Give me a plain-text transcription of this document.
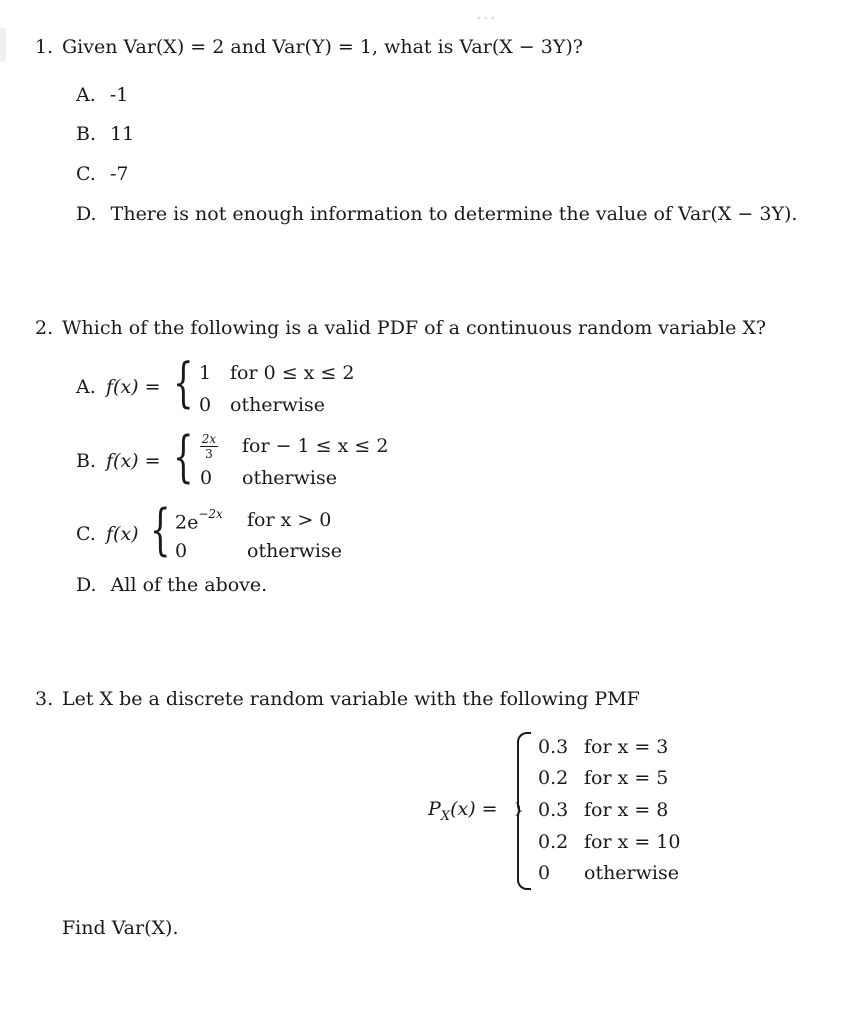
•••
1. Given Var(X) = 2 and Var(Y) = 1, what is Var(X − 3Y)?
A. -1
B. 11
C. -7
D. There is not enough information to determine the value of Var(X − 3Y).
2. Which of the following is a valid PDF of a continuous random variable X?
A. f(x) = { 1 for 0 ≤ x ≤ 2
0 otherwise
B. f(x) = { 2x
3 for − 1 ≤ x ≤ 2
0 otherwise
C. f(x) { $2e^{-2x}$ for x > 0
0	otherwise
D. All of the above.
3. Let X be a discrete random variable with the following PMF
$P_X(x)$ =
0.3 for x = 3
0.2 for x = 5
0.3 for x = 8
0.2 for x = 10
0 otherwise
Find Var(X).
